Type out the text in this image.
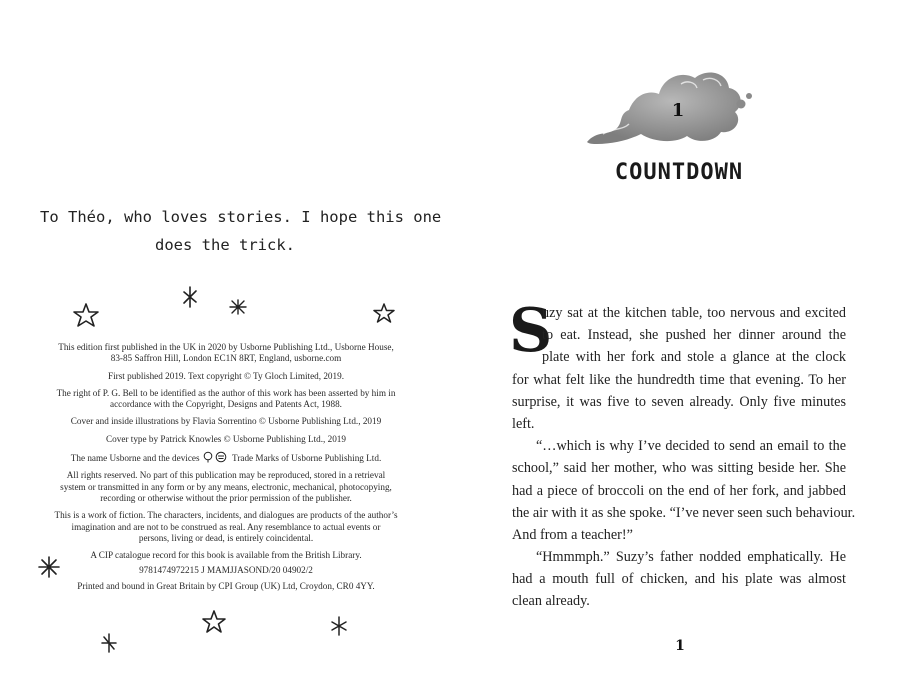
To Théo, who loves stories. I hope this one
does the trick.

This edition first published in the UK in 2020 by Usborne Publishing Ltd., Usborne House,
83-85 Saffron Hill, London EC1N 8RT, England, usborne.com

First published 2019. Text copyright © Ty Gloch Limited, 2019.

The right of P. G. Bell to be identified as the author of this work has been asserted by him in
accordance with the Copyright, Designs and Patents Act, 1988.

Cover and inside illustrations by Flavia Sorrentino © Usborne Publishing Ltd., 2019

Cover type by Patrick Knowles © Usborne Publishing Ltd., 2019

The name Usborne and the devices	Trade Marks of Usborne Publishing Ltd.

All rights reserved. No part of this publication may be reproduced, stored in a retrieval
system or transmitted in any form or by any means, electronic, mechanical, photocopying,
recording or otherwise without the prior permission of the publisher.

This is a work of fiction. The characters, incidents, and dialogues are products of the author’s
imagination and are not to be construed as real. Any resemblance to actual events or
persons, living or dead, is entirely coincidental.

A CIP catalogue record for this book is available from the British Library.

9781474972215 J MAMJJASOND/20 04902/2

Printed and bound in Great Britain by CPI Group (UK) Ltd, Croydon, CR0 4YY.

1
COUNTDOWN
S
uzy sat at the kitchen table, too nervous and excited
to eat. Instead, she pushed her dinner around the
plate with her fork and stole a glance at the clock
for what felt like the hundredth time that evening. To her
surprise, it was five to seven already. Only five minutes
left.
“…which is why I’ve decided to send an email to the
school,” said her mother, who was sitting beside her. She
had a piece of broccoli on the end of her fork, and jabbed
the air with it as she spoke. “I’ve never seen such behaviour.
And from a teacher!”
“Hmmmph.” Suzy’s father nodded emphatically. He
had a mouth full of chicken, and his plate was almost
clean already.
1
